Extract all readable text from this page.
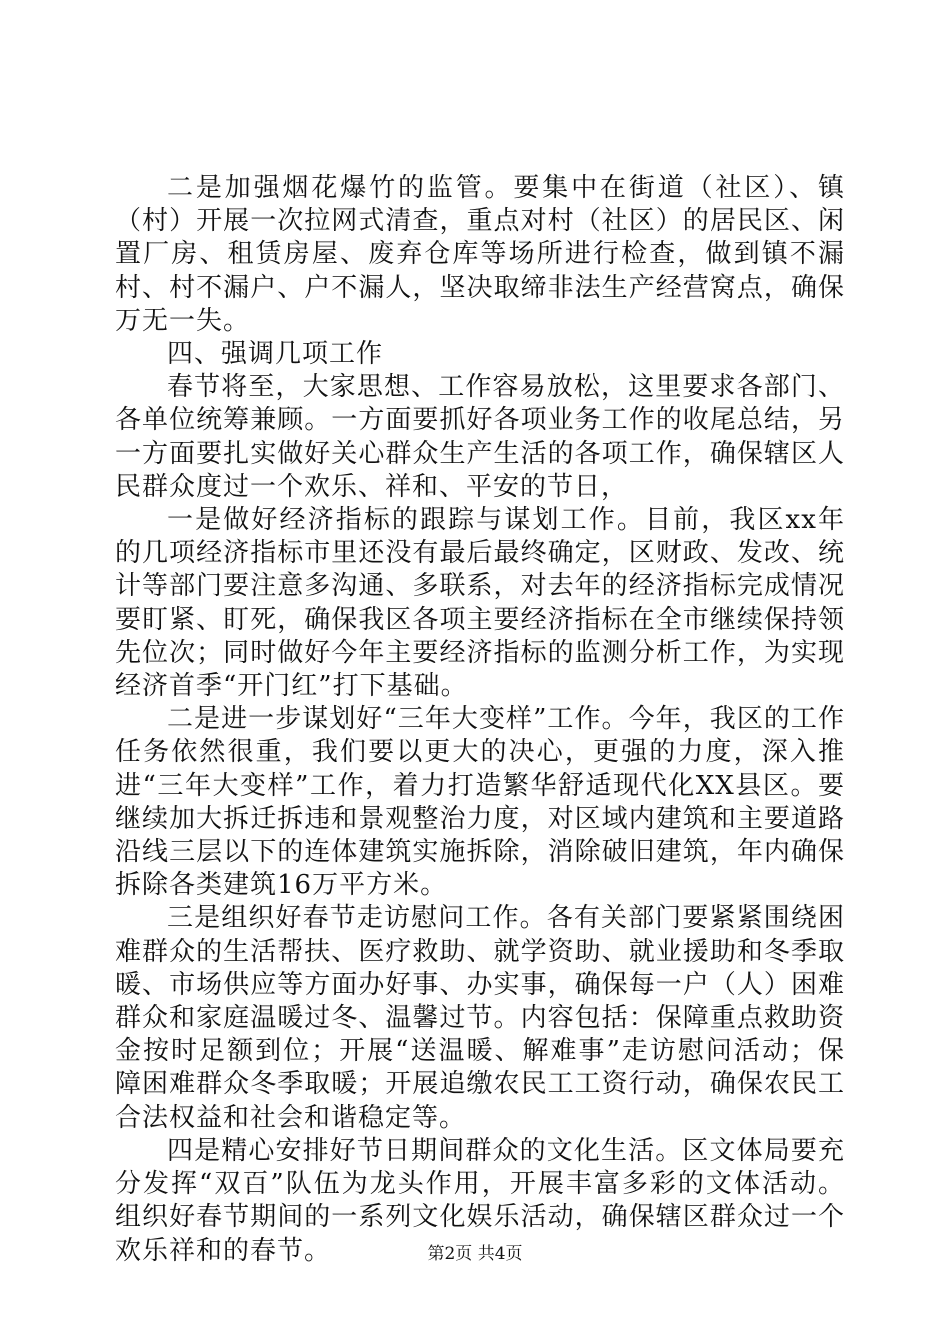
二是加强烟花爆竹的监管。要集中在街道（社区）、镇（村）开展一次拉网式清查，重点对村（社区）的居民区、闲置厂房、租赁房屋、废弃仓库等场所进行检查，做到镇不漏村、村不漏户、户不漏人，坚决取缔非法生产经营窝点，确保万无一失。

四、强调几项工作

春节将至，大家思想、工作容易放松，这里要求各部门、各单位统筹兼顾。一方面要抓好各项业务工作的收尾总结，另一方面要扎实做好关心群众生产生活的各项工作，确保辖区人民群众度过一个欢乐、祥和、平安的节日，

一是做好经济指标的跟踪与谋划工作。目前，我区xx年的几项经济指标市里还没有最后最终确定，区财政、发改、统计等部门要注意多沟通、多联系，对去年的经济指标完成情况要盯紧、盯死，确保我区各项主要经济指标在全市继续保持领先位次；同时做好今年主要经济指标的监测分析工作，为实现经济首季“开门红”打下基础。

二是进一步谋划好“三年大变样”工作。今年，我区的工作任务依然很重，我们要以更大的决心，更强的力度，深入推进“三年大变样”工作，着力打造繁华舒适现代化XX县区。要继续加大拆迁拆违和景观整治力度，对区域内建筑和主要道路沿线三层以下的连体建筑实施拆除，消除破旧建筑，年内确保拆除各类建筑16万平方米。

三是组织好春节走访慰问工作。各有关部门要紧紧围绕困难群众的生活帮扶、医疗救助、就学资助、就业援助和冬季取暖、市场供应等方面办好事、办实事，确保每一户（人）困难群众和家庭温暖过冬、温馨过节。内容包括：保障重点救助资金按时足额到位；开展“送温暖、解难事”走访慰问活动；保障困难群众冬季取暖；开展追缴农民工工资行动，确保农民工合法权益和社会和谐稳定等。

四是精心安排好节日期间群众的文化生活。区文体局要充分发挥“双百”队伍为龙头作用，开展丰富多彩的文体活动。组织好春节期间的一系列文化娱乐活动，确保辖区群众过一个欢乐祥和的春节。	第2页 共4页
